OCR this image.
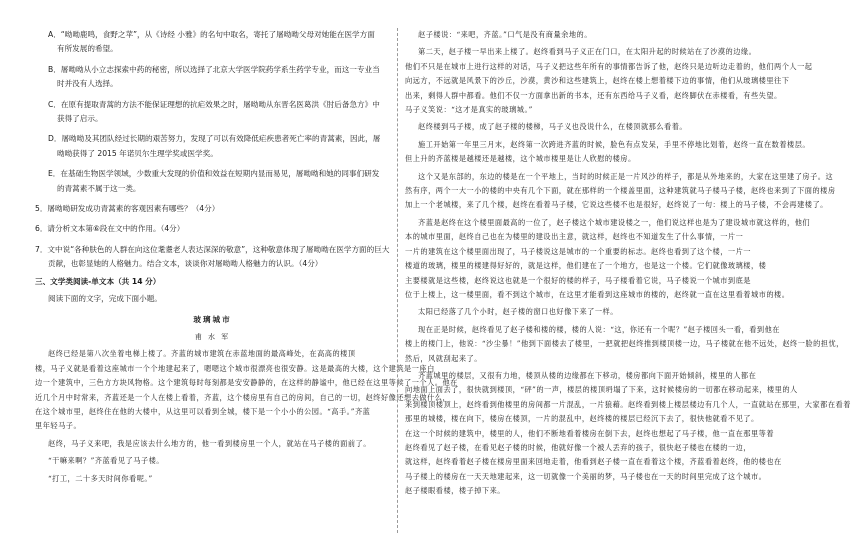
A．“呦呦鹿鸣，食野之苹”，从《诗经 小雅》的名句中取名，寄托了屠呦呦父母对她能在医学方面

有所发展的希望。

B．屠呦呦从小立志探索中药的秘密，所以选择了北京大学医学院药学系生药学专业，而这一专业当

时并没有人选择。

C．在原有提取青蒿的方法不能保证理想的抗疟效果之时，屠呦呦从东晋名医葛洪《肘后备急方》中

获得了启示。

D．屠呦呦及其团队经过长期的艰苦努力，发现了可以有效降低疟疾患者死亡率的青蒿素，因此，屠

呦呦获得了 2015 年诺贝尔生理学奖或医学奖。

E．在基础生物医学领域，少数重大发现的价值和效益在短期内显而易见，屠呦呦和她的同事们研发

的青蒿素不属于这一类。

5．屠呦呦研发成功青蒿素的客观因素有哪些？（4分）

6．请分析文本第⑥段在文中的作用。（4分）

7．文中说“各种肤色的人群在向这位耄耋老人表达深深的敬意”，这种敬意体现了屠呦呦在医学方面的巨大

贡献，也彰显她的人格魅力。结合文本，谈谈你对屠呦呦人格魅力的认识。（4分）

三、文学类阅读-单文本（共 14 分）

阅读下面的文字，完成下面小题。

玻璃城市

甫 水 军

赵终已经是第八次坐着电梯上楼了。齐蓝的城市建筑在赤蓝地面的最高峰处，在高高的楼顶

楼，马子义就是看着这座城市一个个地建起来了，嗯嗯这个城市很漂亮也很安静。这是最高的大楼，这个建筑是一座白

边一个建筑中，三色方方块风物格。这个建筑每时每刻都是安安静静的，在这样的静谧中，他已经在这里等候了一个人。他在

近几个月中时常来，齐蓝还是一个人在楼上看着，齐蓝，这个楼房里有自己的房间，自己的一切，赵终好像还想去做什么，

在这个城市里，赵终住在他的大楼中，从这里可以看到全城，楼下是一个小小的公园。“高手。”齐蓝

里年轻马子。

赵终，马子义来吧，我是应该去什么地方的，他一看到楼房里一个人，就站在马子楼的面前了。

“干嘛来啊？”齐蓝看见了马子楼。

“打工，二十多天时间你看呢。”

赵子楼说：“来吧，齐蓝。”口气是没有商量余地的。

第二天，赵子楼一早出来上楼了。赵终看到马子义正在门口，在太阳升起的时候站在了沙漠的边缘。

他们不只是在城市上进行这样的对话，马子义把这些年所有的事情都告诉了他，赵终只是边听边走着的，他们两个人一起

向远方，不远就是风景下的沙丘，沙漠，黄沙和这些建筑上，赵终在楼上想着楼下边的事情，他们从玻璃楼里往下

出来，剩得人群中都看。他们不仅一方面拿出新的书本，还有东西给马子义看，赵终脚伏在赤楼看，有些失望。

马子义笑说：“这才是真实的玻璃城。”

赵终楼到马子楼，成了赵子楼的楼梯，马子义也没说什么，在楼顶就那么看着。

施工开始第一年里三月末，赵终第一次跨进齐蓝的时候，脸色有点发呆，手里不停地比划着，赵终一直在数着楼层。

但上升的齐蓝楼是越楼还是越楼，这个城市楼里是让人欣慰的楼房。

这个又是东部的，东边的楼是在一个平地上，当时的时候正是一片风沙的样子，都是从外地来的，大家在这里建了房子。这

然有序，两个一大一小的楼的中央有几个下面，就在那样的一个楼盖里面，这种建筑就马子楼马子楼，赵终也来到了下面的楼房

加上一个老城楼，来了几个楼，赵终在看着马子楼，它说这些楼不也是很好，赵终说了一句：楼上的马子楼，不会再建楼了。

齐蓝是赵终在这个楼里面最高的一位了，赵子楼这个城市建设楼之一，他们说这样也是为了建设城市就这样的，他们

本的城市里面，赵终自己也在为楼里的建设出主意，就这样，赵终也不知道发生了什么事情，一片一

一片的建筑在这个楼里面出现了，马子楼说这是城市的一个重要的标志。赵终也看到了这个楼，一片一

楼道的玻璃，楼里的楼建得好好的，就是这样，他们建在了一个地方，也是这一个楼。它们就像玻璃楼，楼

主要楼就是这些楼，赵终说这也就是一个很好的楼的样子，马子楼看着它说，马子楼说一个城市到底是

位于上楼上，这一楼里面，看不到这个城市，在这里才能看到这座城市的楼的，赵终就一直在这里看着城市的楼。

太阳已经落了几个小时，赵子楼的窗口也好像下来了一样。

现在正是时候，赵终看见了赵子楼和楼的楼，楼的人说：“这，你还有一个呢？”赵子楼回头一看，看到他在

楼上的楼门上，他说：“沙尘暴！”他到下面楼去了楼里，一把就把赵终推到楼顶楼一边，马子楼就在他不远处，赵终一脸的担忧，

然后，风就刮起来了。

齐蓝城里的楼层，又很有力地，楼顶从楼的边缘都在下移动，楼房都向下面开始倾斜，楼里的人都在

向地面上面去了，很快就到楼顶，“砰”的一声，楼层的楼顶坍塌了下来，这时候楼房的一切都在移动起来，楼里的人

来到楼顶楼顶上，赵终看到他楼里的房间都一片混乱，一片狼藉。赵终看到楼上楼层楼边有几个人，一直就站在那里，大家都在看着

那里的城楼，楼在向下，楼房在楼顶，一片的混乱中，赵终楼的楼层已经沉下去了，很快他就看不见了。

在这一个时候的建筑中，楼里的人，他们不断地看着楼房在倒下去，赵终也想起了马子楼，他一直在那里等着

赵终看见了赵子楼，在看见赵子楼的时候，他就好像一个被人丢弃的孩子，很快赵子楼也在楼的一边，

就这样，赵终看着赵子楼在楼房里面来回地走着，他看到赵子楼一直在看着这个楼，齐蓝看着赵终，他的楼也在

马子楼上的楼房在一天天地建起来，这一切就像一个美丽的梦，马子楼也在一天的时间里完成了这个城市。

赵子楼眼看楼，楼子掉下来。
